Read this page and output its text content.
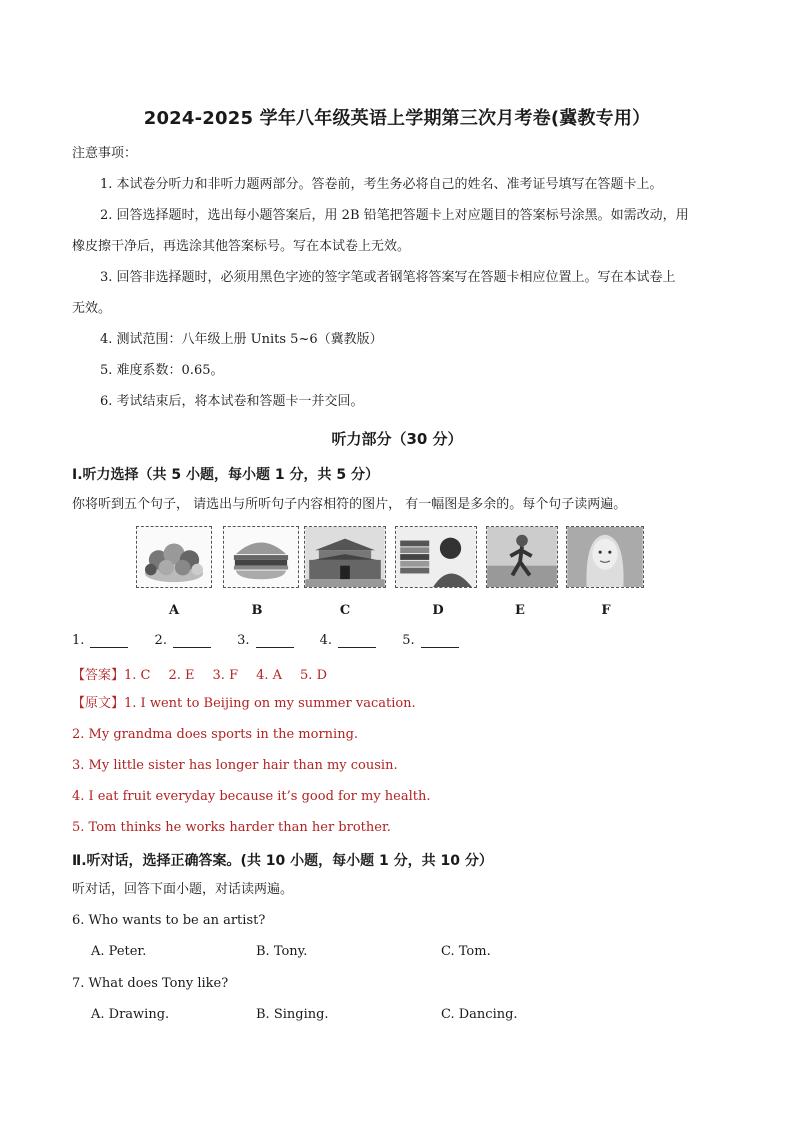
2024-2025 学年八年级英语上学期第三次月考卷(冀教专用）
注意事项：
1. 本试卷分听力和非听力题两部分。答卷前，考生务必将自己的姓名、准考证号填写在答题卡上。
2. 回答选择题时，选出每小题答案后，用 2B 铅笔把答题卡上对应题目的答案标号涂黑。如需改动，用
橡皮擦干净后，再选涂其他答案标号。写在本试卷上无效。
3. 回答非选择题时，必须用黑色字迹的签字笔或者钢笔将答案写在答题卡相应位置上。写在本试卷上
无效。
4. 测试范围：八年级上册 Units 5~6（冀教版）
5. 难度系数：0.65。
6. 考试结束后，将本试卷和答题卡一并交回。
听力部分（30 分）
Ⅰ.听力选择（共 5 小题，每小题 1 分，共 5 分）
你将听到五个句子， 请选出与所听句子内容相符的图片， 有一幅图是多余的。每个句子读两遍。
A	B	C	D	E	F
1.	2.	3.	4.	5.
【答案】1. C 2. E 3. F 4. A 5. D
【原文】1. I went to Beijing on my summer vacation.
2. My grandma does sports in the morning.
3. My little sister has longer hair than my cousin.
4. I eat fruit everyday because it’s good for my health.
5. Tom thinks he works harder than her brother.
Ⅱ.听对话，选择正确答案。(共 10 小题，每小题 1 分，共 10 分）
听对话，回答下面小题，对话读两遍。
6. Who wants to be an artist?
A. Peter.	B. Tony.	C. Tom.
7. What does Tony like?
A. Drawing.	B. Singing.	C. Dancing.
